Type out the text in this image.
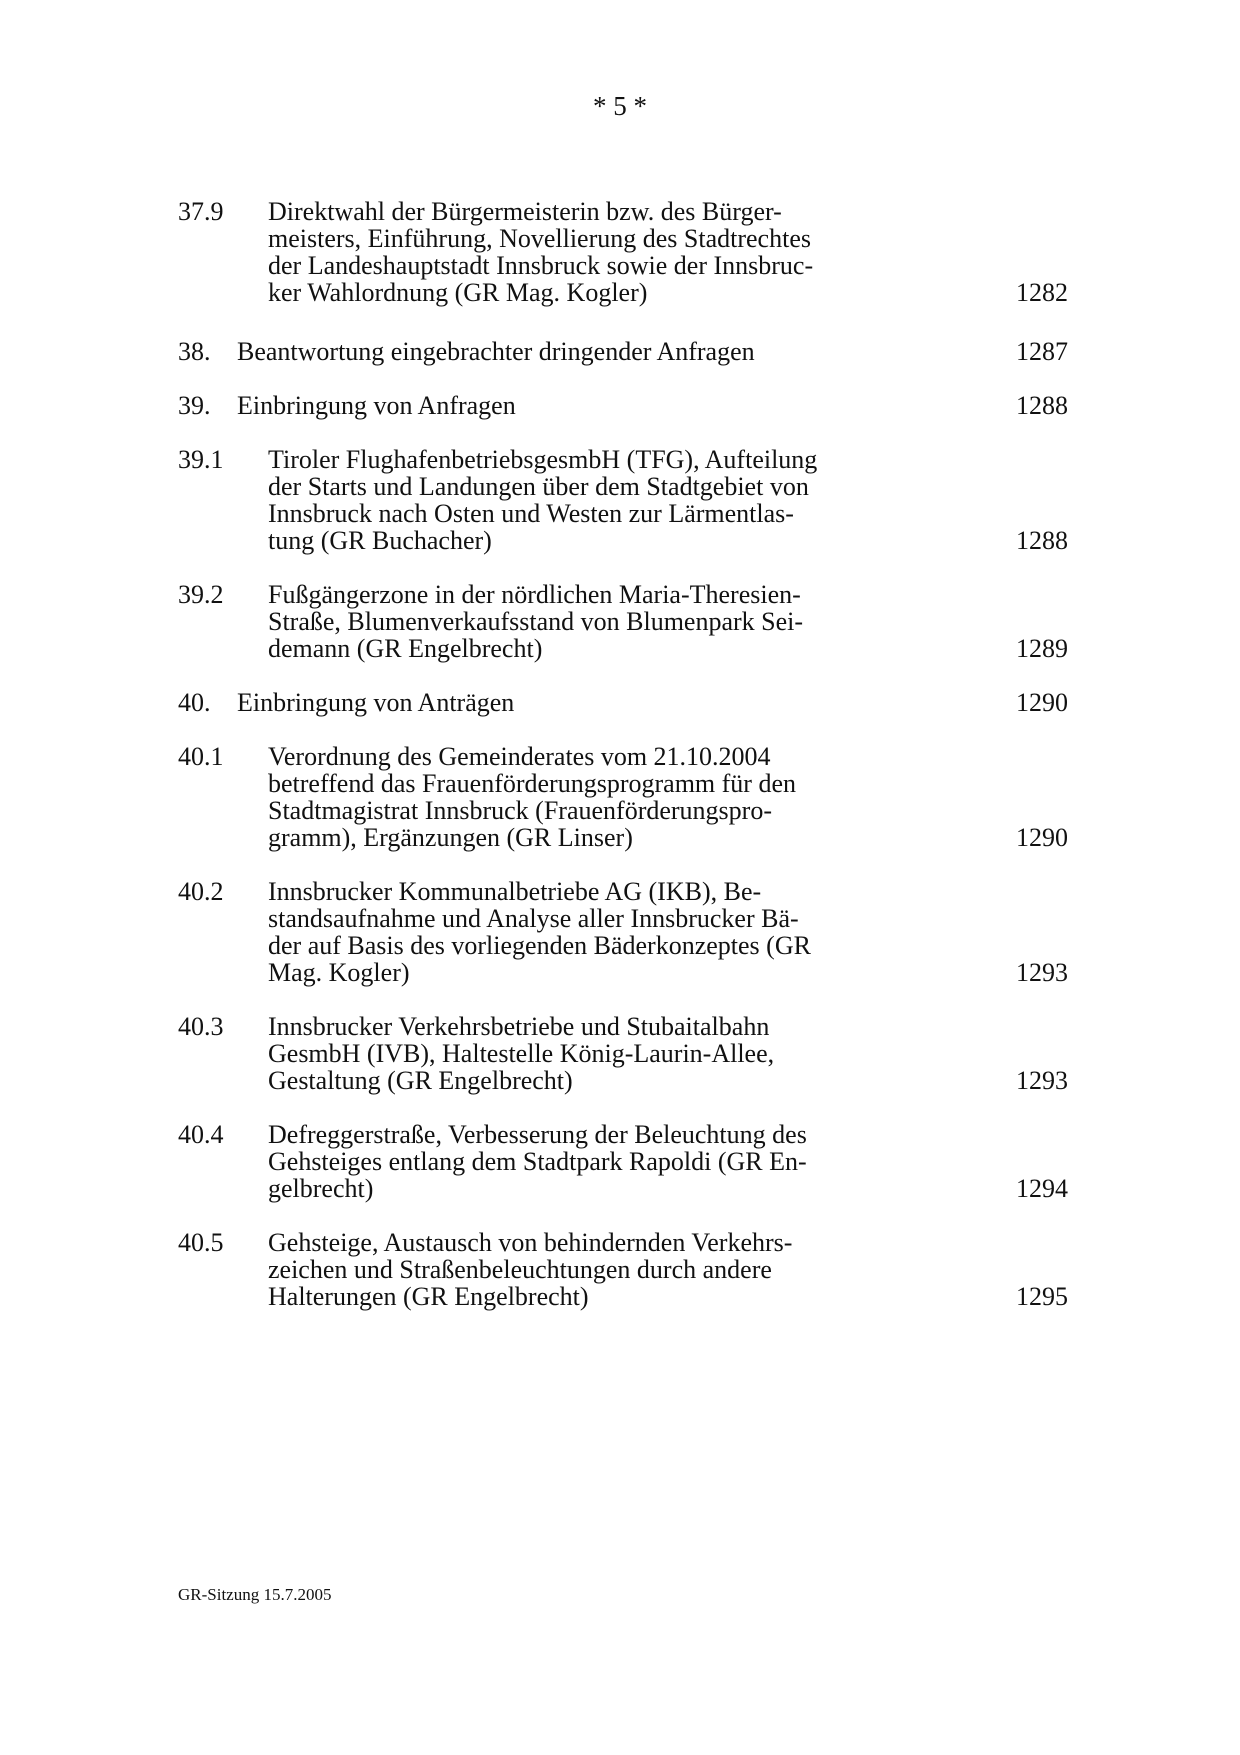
* 5 *
37.9 Direktwahl der Bürgermeisterin bzw. des Bürger-
meisters, Einführung, Novellierung des Stadtrechtes
der Landeshauptstadt Innsbruck sowie der Innsbruc-
ker Wahlordnung (GR Mag. Kogler)	1282
38. Beantwortung eingebrachter dringender Anfragen	1287
39. Einbringung von Anfragen	1288
39.1 Tiroler FlughafenbetriebsgesmbH (TFG), Aufteilung
der Starts und Landungen über dem Stadtgebiet von
Innsbruck nach Osten und Westen zur Lärmentlas-
tung (GR Buchacher)	1288
39.2 Fußgängerzone in der nördlichen Maria-Theresien-
Straße, Blumenverkaufsstand von Blumenpark Sei-
demann (GR Engelbrecht)	1289
40. Einbringung von Anträgen	1290
40.1 Verordnung des Gemeinderates vom 21.10.2004
betreffend das Frauenförderungsprogramm für den
Stadtmagistrat Innsbruck (Frauenförderungspro-
gramm), Ergänzungen (GR Linser)	1290
40.2 Innsbrucker Kommunalbetriebe AG (IKB), Be-
standsaufnahme und Analyse aller Innsbrucker Bä-
der auf Basis des vorliegenden Bäderkonzeptes (GR
Mag. Kogler)	1293
40.3 Innsbrucker Verkehrsbetriebe und Stubaitalbahn
GesmbH (IVB), Haltestelle König-Laurin-Allee,
Gestaltung (GR Engelbrecht)	1293
40.4 Defreggerstraße, Verbesserung der Beleuchtung des
Gehsteiges entlang dem Stadtpark Rapoldi (GR En-
gelbrecht)	1294
40.5 Gehsteige, Austausch von behindernden Verkehrs-
zeichen und Straßenbeleuchtungen durch andere
Halterungen (GR Engelbrecht)	1295
GR-Sitzung 15.7.2005
